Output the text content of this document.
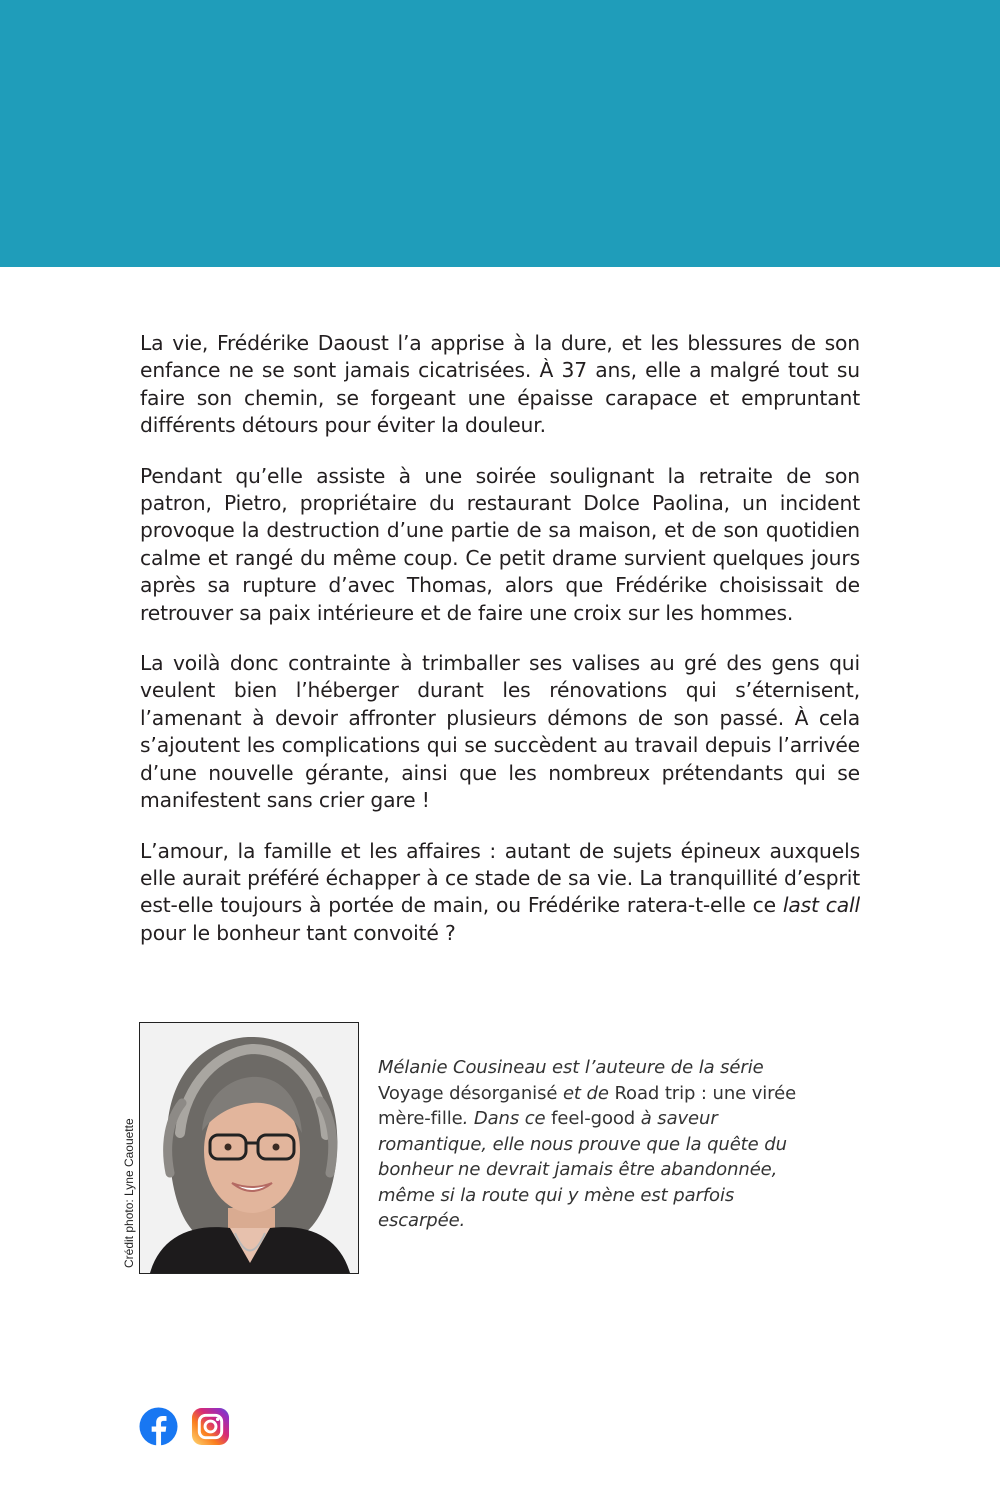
La vie, Frédérike Daoust l’a apprise à la dure, et les blessures de son enfance ne se sont jamais cicatrisées. À 37 ans, elle a malgré tout su faire son chemin, se forgeant une épaisse carapace et empruntant différents détours pour éviter la douleur.

Pendant qu’elle assiste à une soirée soulignant la retraite de son patron, Pietro, propriétaire du restaurant Dolce Paolina, un incident provoque la destruction d’une partie de sa maison, et de son quotidien calme et rangé du même coup. Ce petit drame survient quelques jours après sa rupture d’avec Thomas, alors que Frédérike choisissait de retrouver sa paix intérieure et de faire une croix sur les hommes.

La voilà donc contrainte à trimballer ses valises au gré des gens qui veulent bien l’héberger durant les rénovations qui s’éternisent, l’amenant à devoir affronter plusieurs démons de son passé. À cela s’ajoutent les complications qui se succèdent au travail depuis l’arrivée d’une nouvelle gérante, ainsi que les nombreux prétendants qui se manifestent sans crier gare !

L’amour, la famille et les affaires : autant de sujets épineux auxquels elle aurait préféré échapper à ce stade de sa vie. La tranquillité d’esprit est-elle toujours à portée de main, ou Frédérike ratera-t-elle ce last call pour le bonheur tant convoité ?

Crédit photo: Lyne Caouette
Mélanie Cousineau est l’auteure de la série Voyage désorganisé et de Road trip : une virée mère-fille. Dans ce feel-good à saveur romantique, elle nous prouve que la quête du bonheur ne devrait jamais être abandonnée, même si la route qui y mène est parfois escarpée.
